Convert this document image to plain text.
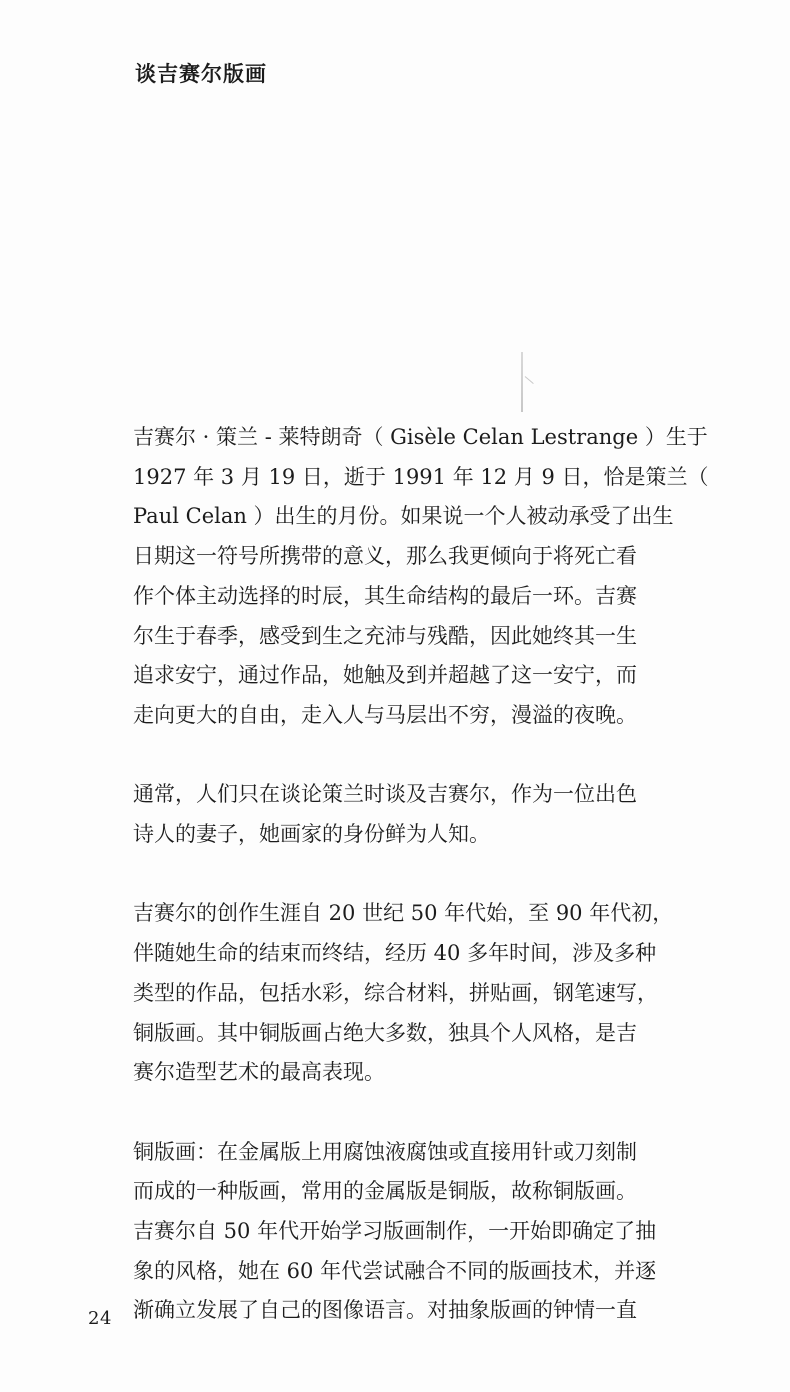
谈吉赛尔版画

吉赛尔 · 策兰 - 莱特朗奇（ Gisèle Celan Lestrange ）生于
1927 年 3 月 19 日，逝于 1991 年 12 月 9 日，恰是策兰（
Paul Celan ）出生的月份。如果说一个人被动承受了出生
日期这一符号所携带的意义，那么我更倾向于将死亡看
作个体主动选择的时辰，其生命结构的最后一环。吉赛
尔生于春季，感受到生之充沛与残酷，因此她终其一生
追求安宁，通过作品，她触及到并超越了这一安宁，而
走向更大的自由，走入人与马层出不穷，漫溢的夜晚。

通常，人们只在谈论策兰时谈及吉赛尔，作为一位出色
诗人的妻子，她画家的身份鲜为人知。

吉赛尔的创作生涯自 20 世纪 50 年代始，至 90 年代初，
伴随她生命的结束而终结，经历 40 多年时间，涉及多种
类型的作品，包括水彩，综合材料，拼贴画，钢笔速写，
铜版画。其中铜版画占绝大多数，独具个人风格，是吉
赛尔造型艺术的最高表现。

铜版画：在金属版上用腐蚀液腐蚀或直接用针或刀刻制
而成的一种版画，常用的金属版是铜版，故称铜版画。
吉赛尔自 50 年代开始学习版画制作，一开始即确定了抽
象的风格，她在 60 年代尝试融合不同的版画技术，并逐
渐确立发展了自己的图像语言。对抽象版画的钟情一直

24
